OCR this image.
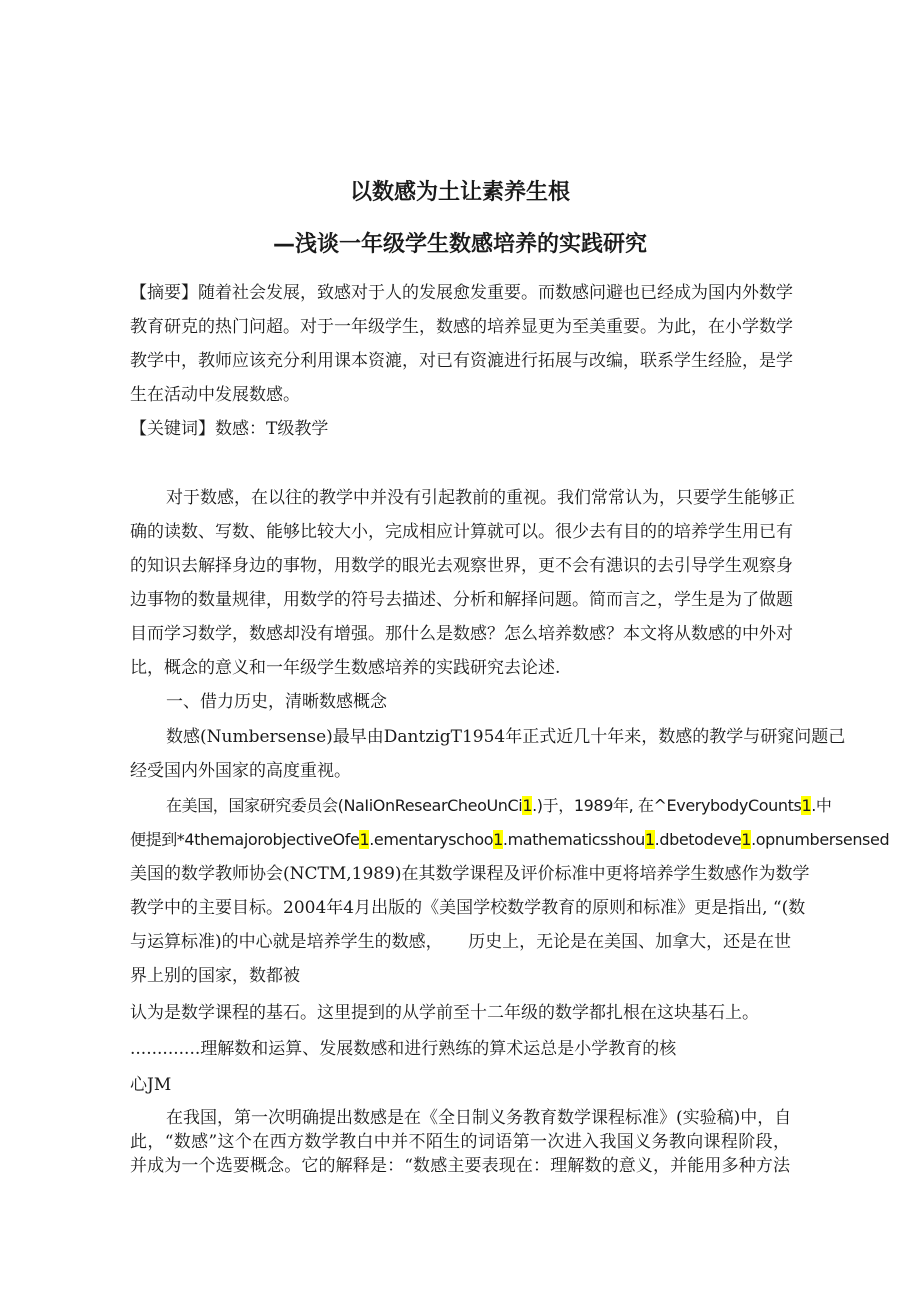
以数感为土让素养生根
—浅谈一年级学生数感培养的实践研究
【摘要】随着社会发展，致感对于人的发展愈发重要。而数感问避也已经成为国内外数学
教育研克的热门问超。对于一年级学生，数感的培养显更为至美重要。为此，在小学数学
教学中，教师应该充分利用课本资漉，对已有资漉进行拓展与改编，联系学生经脸，是学
生在活动中发展数感。
【关键词】数感：T级教学
对于数感，在以往的教学中并没有引起教前的重视。我们常常认为，只要学生能够正
确的读数、写数、能够比较大小，完成相应计算就可以。很少去有目的的培养学生用已有
的知识去解择身边的事物，用数学的眼光去观察世界，更不会有漶识的去引导学生观察身
边事物的数量规律，用数学的符号去描述、分析和解择问题。简而言之，学生是为了做题
目而学习数学，数感却没有增强。那什么是数感？怎么培养数感？本文将从数感的中外对
比，概念的意义和一年级学生数感培养的实践研究去论述.
一、借力历史，清晰数感概念
数感(Numbersense)最早由DantzigT1954年正式近几十年来，数感的教学与研窕问题己
经受国内外国家的高度重视。
在美国，国家研究委员会(NaIiOnResearCheoUnCi1.)于，1989年, 在^EverybodyCounts1.中
便提到*4themajorobjectiveOfe1.ementaryschoo1.mathematicsshou1.dbetodeve1.opnumbersensed
美国的数学教师协会(NCTM,1989)在其数学课程及评价标准中更将培养学生数感作为数学
教学中的主要目标。2004年4月出版的《美国学校数学教育的原则和标准》更是指出, “(数
与运算标准)的中心就是培养学生的数感，　　历史上，无论是在美国、加拿大，还是在世
界上别的国家，数都被
认为是数学课程的基石。这里提到的从学前至十二年级的数学都扎根在这块基石上。
.............理解数和运算、发展数感和进行熟练的算术运总是小学教育的核
心JM
在我国，第一次明确提出数感是在《全日制义务教育数学课程标准》(实验稿)中，自
此，“数感”这个在西方数学教白中并不陌生的词语第一次进入我国义务教向课程阶段，
并成为一个选要概念。它的解释是：“数感主要表现在：理解数的意义，并能用多种方法
